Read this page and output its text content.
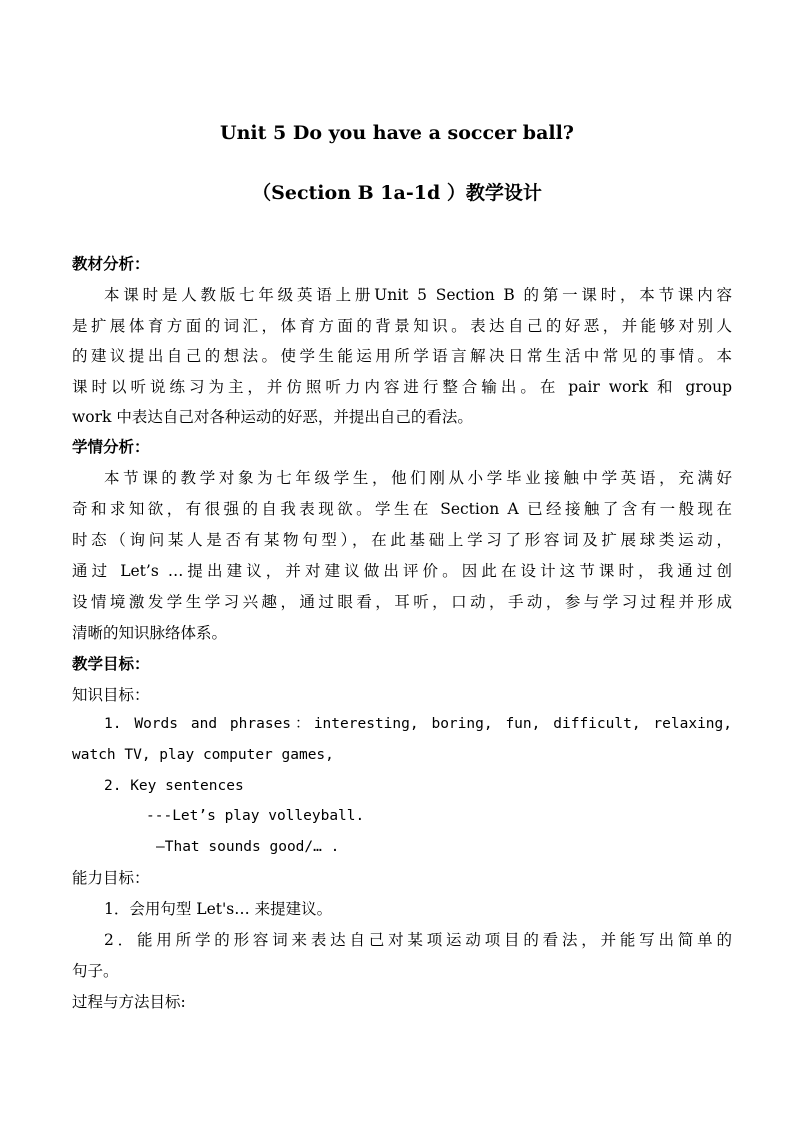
Unit 5 Do you have a soccer ball?
（Section B 1a-1d ）教学设计
教材分析：
本课时是人教版七年级英语上册Unit 5 Section B 的第一课时，本节课内容
是扩展体育方面的词汇，体育方面的背景知识。表达自己的好恶，并能够对别人
的建议提出自己的想法。使学生能运用所学语言解决日常生活中常见的事情。本
课时以听说练习为主，并仿照听力内容进行整合输出。在 pair work 和 group
work 中表达自己对各种运动的好恶，并提出自己的看法。
学情分析：
本节课的教学对象为七年级学生，他们刚从小学毕业接触中学英语，充满好
奇和求知欲，有很强的自我表现欲。学生在 Section A 已经接触了含有一般现在
时态（询问某人是否有某物句型），在此基础上学习了形容词及扩展球类运动，
通过 Let’s …提出建议，并对建议做出评价。因此在设计这节课时，我通过创
设情境激发学生学习兴趣，通过眼看，耳听，口动，手动，参与学习过程并形成
清晰的知识脉络体系。
教学目标：
知识目标：
1. Words and phrases：interesting, boring, fun, difficult, relaxing,
watch TV, play computer games,
2. Key sentences
---Let’s play volleyball.
—That sounds good/… .
能力目标：
1．会用句型 Let's… 来提建议。
2．能用所学的形容词来表达自己对某项运动项目的看法，并能写出简单的
句子。
过程与方法目标:
